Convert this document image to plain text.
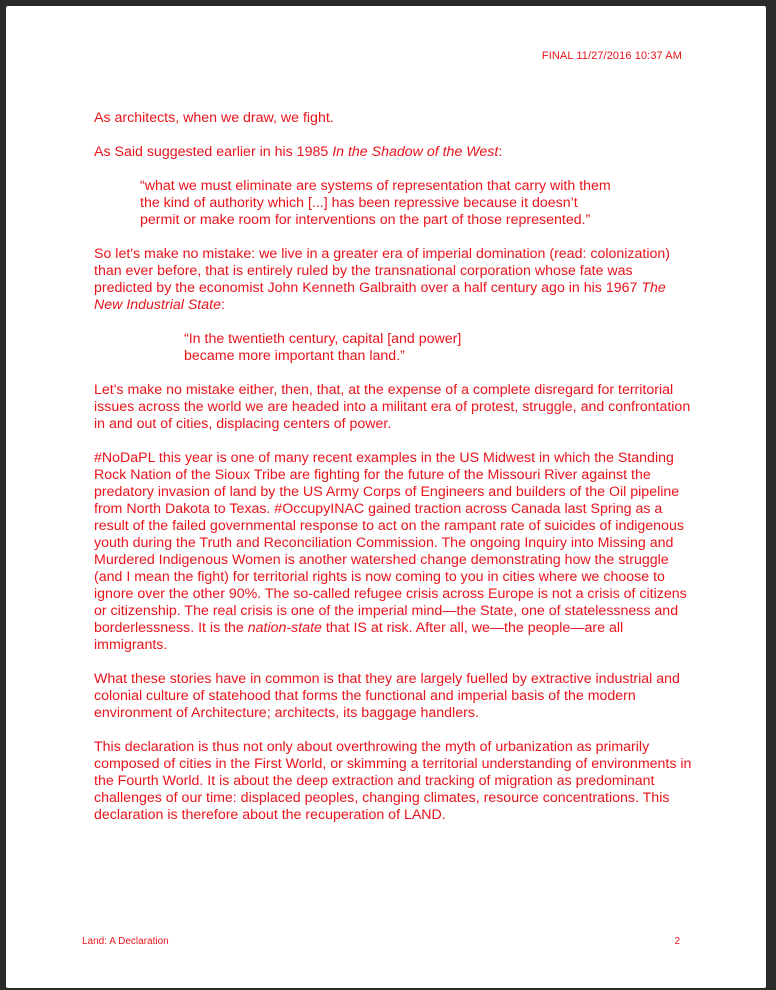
FINAL 11/27/2016 10:37 AM

As architects, when we draw, we fight.

As Said suggested earlier in his 1985 In the Shadow of the West:

“what we must eliminate are systems of representation that carry with them the kind of authority which [...] has been repressive because it doesn’t permit or make room for interventions on the part of those represented.”

So let's make no mistake: we live in a greater era of imperial domination (read: colonization) than ever before, that is entirely ruled by the transnational corporation whose fate was predicted by the economist John Kenneth Galbraith over a half century ago in his 1967 The New Industrial State:

“In the twentieth century, capital [and power]
became more important than land.”

Let's make no mistake either, then, that, at the expense of a complete disregard for territorial issues across the world we are headed into a militant era of protest, struggle, and confrontation in and out of cities, displacing centers of power.

#NoDaPL this year is one of many recent examples in the US Midwest in which the Standing Rock Nation of the Sioux Tribe are fighting for the future of the Missouri River against the predatory invasion of land by the US Army Corps of Engineers and builders of the Oil pipeline from North Dakota to Texas. #OccupyINAC gained traction across Canada last Spring as a result of the failed governmental response to act on the rampant rate of suicides of indigenous youth during the Truth and Reconciliation Commission. The ongoing Inquiry into Missing and Murdered Indigenous Women is another watershed change demonstrating how the struggle (and I mean the fight) for territorial rights is now coming to you in cities where we choose to ignore over the other 90%. The so-called refugee crisis across Europe is not a crisis of citizens or citizenship. The real crisis is one of the imperial mind—the State, one of statelessness and borderlessness. It is the nation-state that IS at risk. After all, we—the people—are all immigrants.

What these stories have in common is that they are largely fuelled by extractive industrial and colonial culture of statehood that forms the functional and imperial basis of the modern environment of Architecture; architects, its baggage handlers.

This declaration is thus not only about overthrowing the myth of urbanization as primarily composed of cities in the First World, or skimming a territorial understanding of environments in the Fourth World. It is about the deep extraction and tracking of migration as predominant challenges of our time: displaced peoples, changing climates, resource concentrations. This declaration is therefore about the recuperation of LAND.

Land: A Declaration	2
